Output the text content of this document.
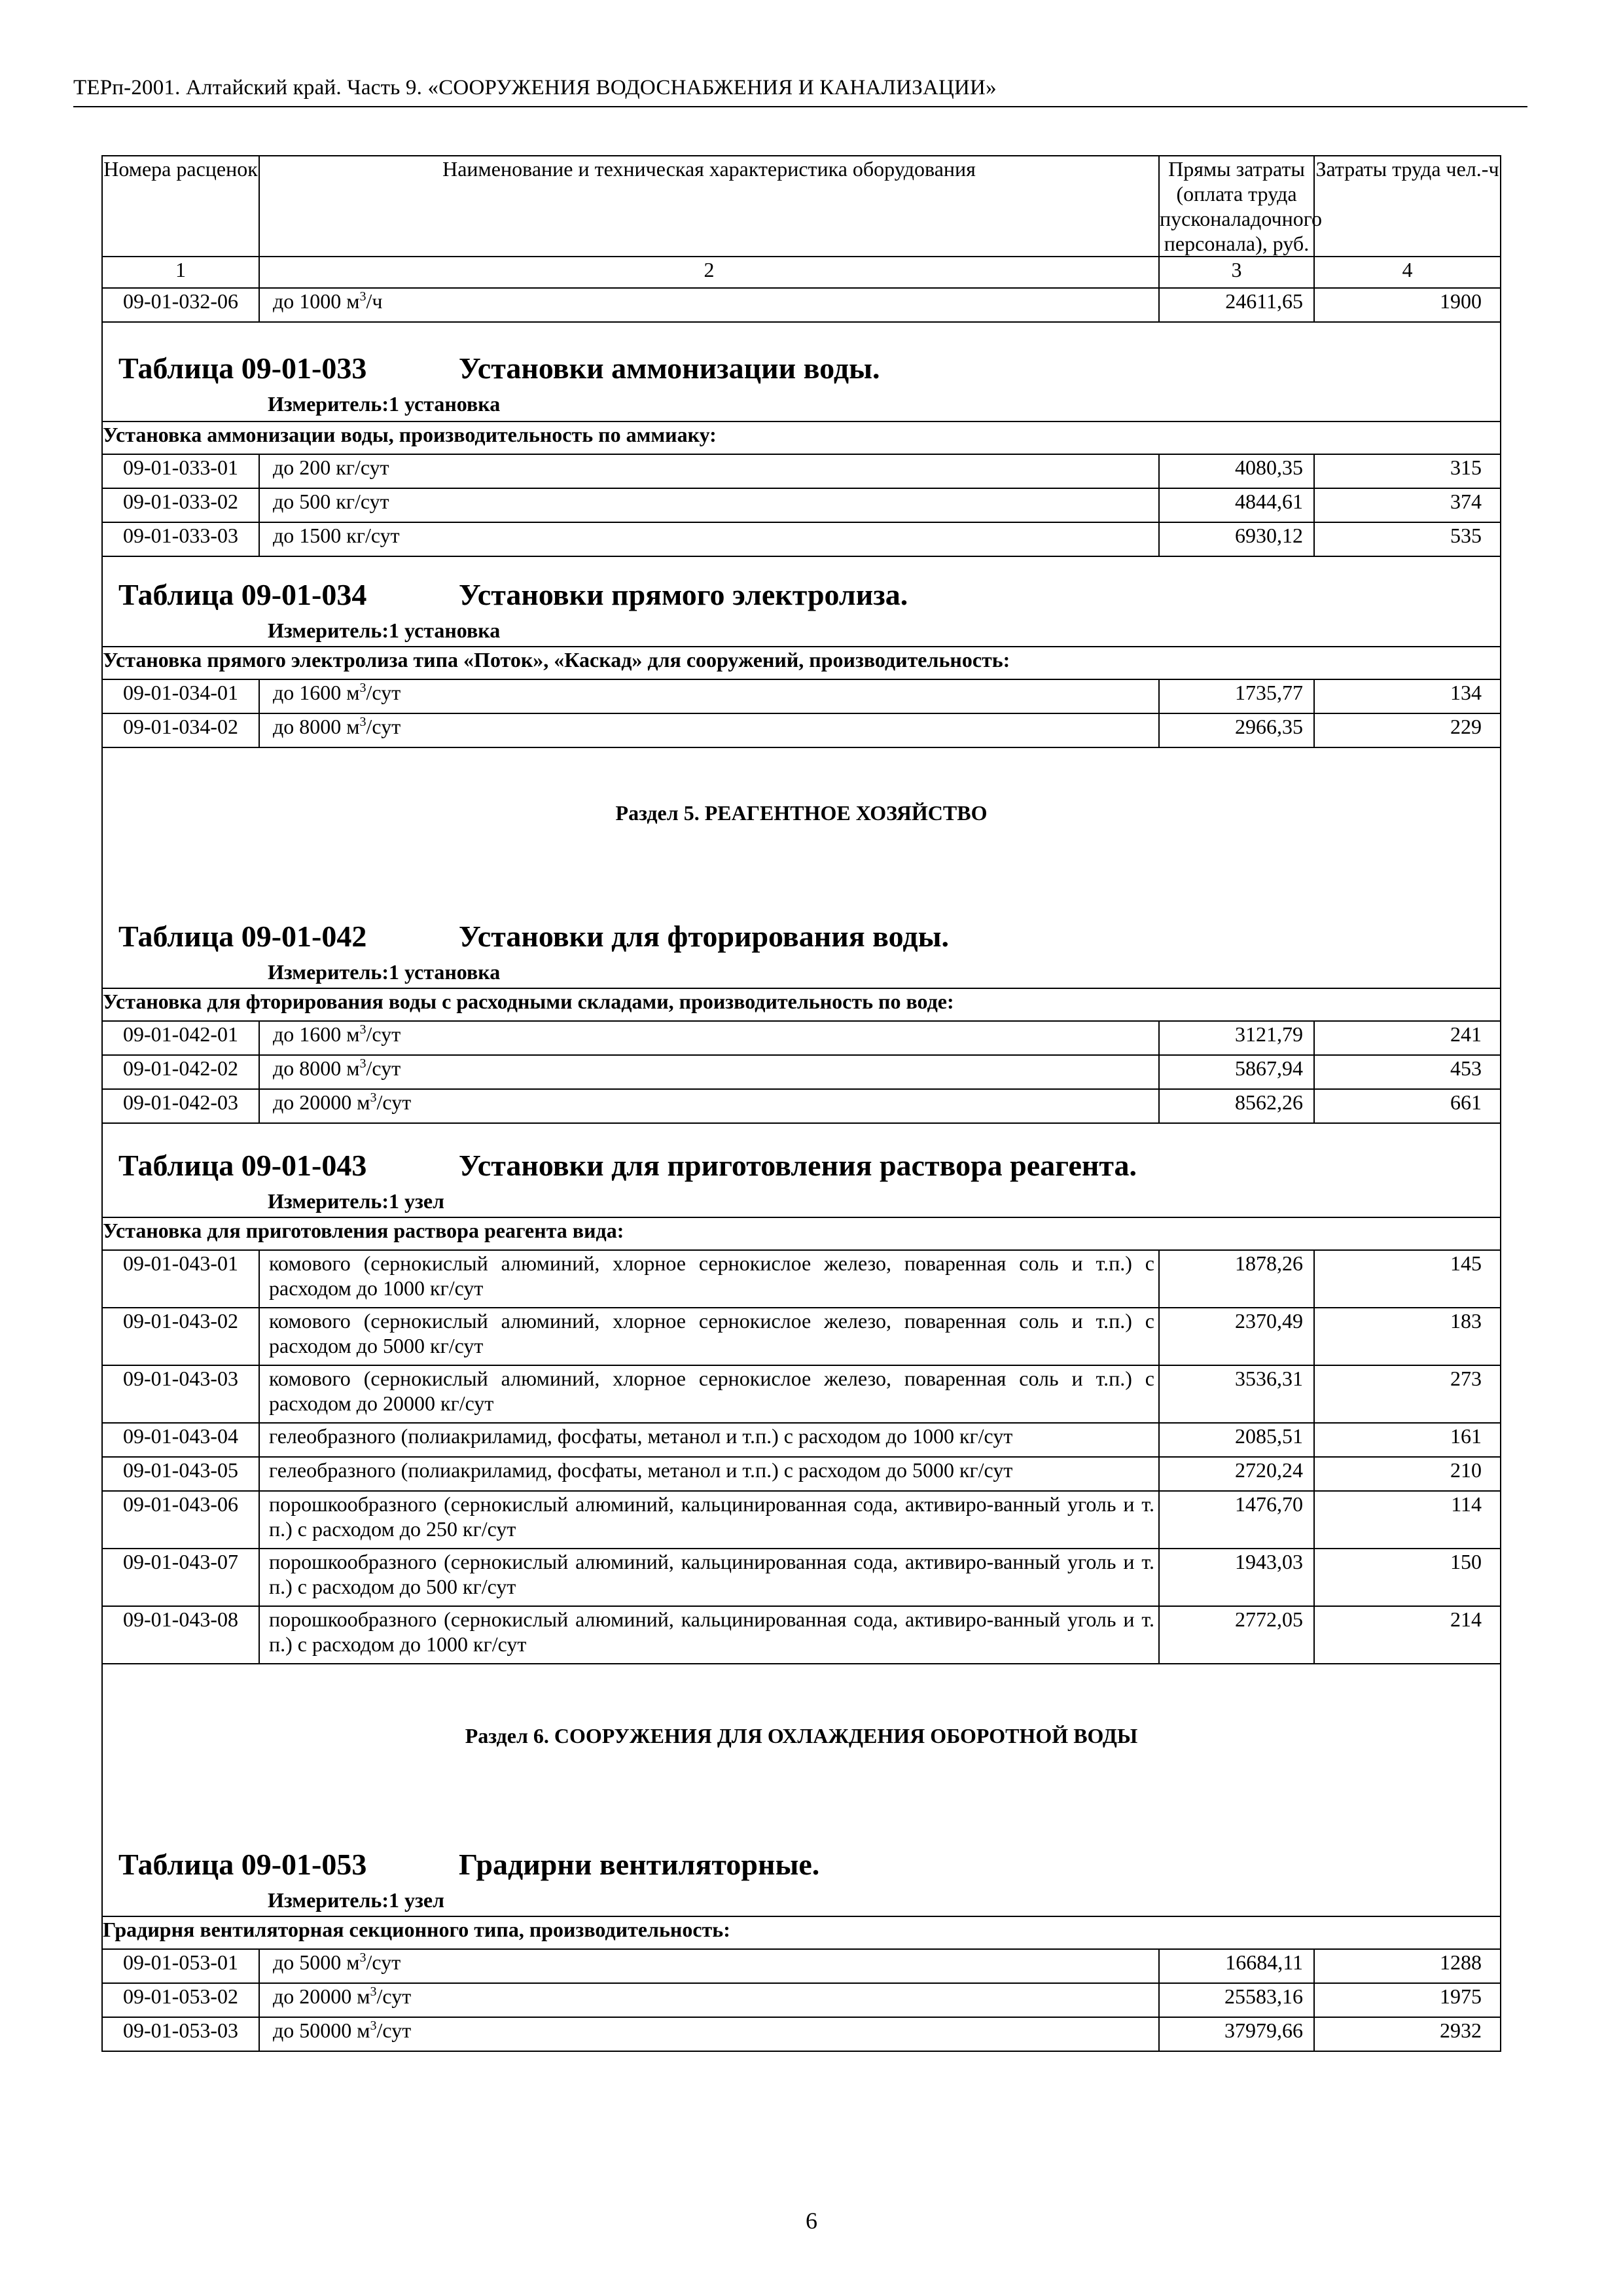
ТЕРп-2001. Алтайский край. Часть 9. «СООРУЖЕНИЯ ВОДОСНАБЖЕНИЯ И КАНАЛИЗАЦИИ»
Номера расценок	Наименование и техническая характеристика оборудования	Прямы затраты (оплата труда пусконаладочного персонала), руб.	Затраты труда чел.-ч
1	2	3	4
09-01-032-06	до 1000 $м^3/ч$	24611,65	1900

Таблица 09-01-033 Установки аммонизации воды.
Измеритель:1 установка			

Установка аммонизации воды, производительность по аммиаку:			
09-01-033-01	до 200 кг/сут	4080,35	315
09-01-033-02	до 500 кг/сут	4844,61	374
09-01-033-03	до 1500 кг/сут	6930,12	535

Таблица 09-01-034 Установки прямого электролиза.
Измеритель:1 установка			

Установка прямого электролиза типа «Поток», «Каскад» для сооружений, производительность:			
09-01-034-01	до 1600 $м^3$/сут	1735,77	134
09-01-034-02	до 8000 $м^3$/сут	2966,35	229
Раздел 5. РЕАГЕНТНОЕ ХОЗЯЙСТВО			

Таблица 09-01-042 Установки для фторирования воды.
Измеритель:1 установка			

Установка для фторирования воды с расходными складами, производительность по воде:			
09-01-042-01	до 1600 $м^3$/сут	3121,79	241
09-01-042-02	до 8000 $м^3$/сут	5867,94	453
09-01-042-03	до 20000 $м^3$/сут	8562,26	661

Таблица 09-01-043 Установки для приготовления раствора реагента.
Измеритель:1 узел			

Установка для приготовления раствора реагента вида:			
09-01-043-01	комового (сернокислый алюминий, хлорное сернокислое железо, поваренная соль и т.п.) с расходом до 1000 кг/сут	1878,26	145
09-01-043-02	комового (сернокислый алюминий, хлорное сернокислое железо, поваренная соль и т.п.) с расходом до 5000 кг/сут	2370,49	183
09-01-043-03	комового (сернокислый алюминий, хлорное сернокислое железо, поваренная соль и т.п.) с расходом до 20000 кг/сут	3536,31	273
09-01-043-04	гелеобразного (полиакриламид, фосфаты, метанол и т.п.) с расходом до 1000 кг/сут	2085,51	161
09-01-043-05	гелеобразного (полиакриламид, фосфаты, метанол и т.п.) с расходом до 5000 кг/сут	2720,24	210
09-01-043-06	порошкообразного (сернокислый алюминий, кальцинированная сода, активиро-ванный уголь и т. п.) с расходом до 250 кг/сут	1476,70	114
09-01-043-07	порошкообразного (сернокислый алюминий, кальцинированная сода, активиро-ванный уголь и т. п.) с расходом до 500 кг/сут	1943,03	150
09-01-043-08	порошкообразного (сернокислый алюминий, кальцинированная сода, активиро-ванный уголь и т. п.) с расходом до 1000 кг/сут	2772,05	214
Раздел 6. СООРУЖЕНИЯ ДЛЯ ОХЛАЖДЕНИЯ ОБОРОТНОЙ ВОДЫ			

Таблица 09-01-053 Градирни вентиляторные.
Измеритель:1 узел			

Градирня вентиляторная секционного типа, производительность:			
09-01-053-01	до 5000 $м^3$/сут	16684,11	1288
09-01-053-02	до 20000 $м^3$/сут	25583,16	1975
09-01-053-03	до 50000 $м^3$/сут	37979,66	2932
6
